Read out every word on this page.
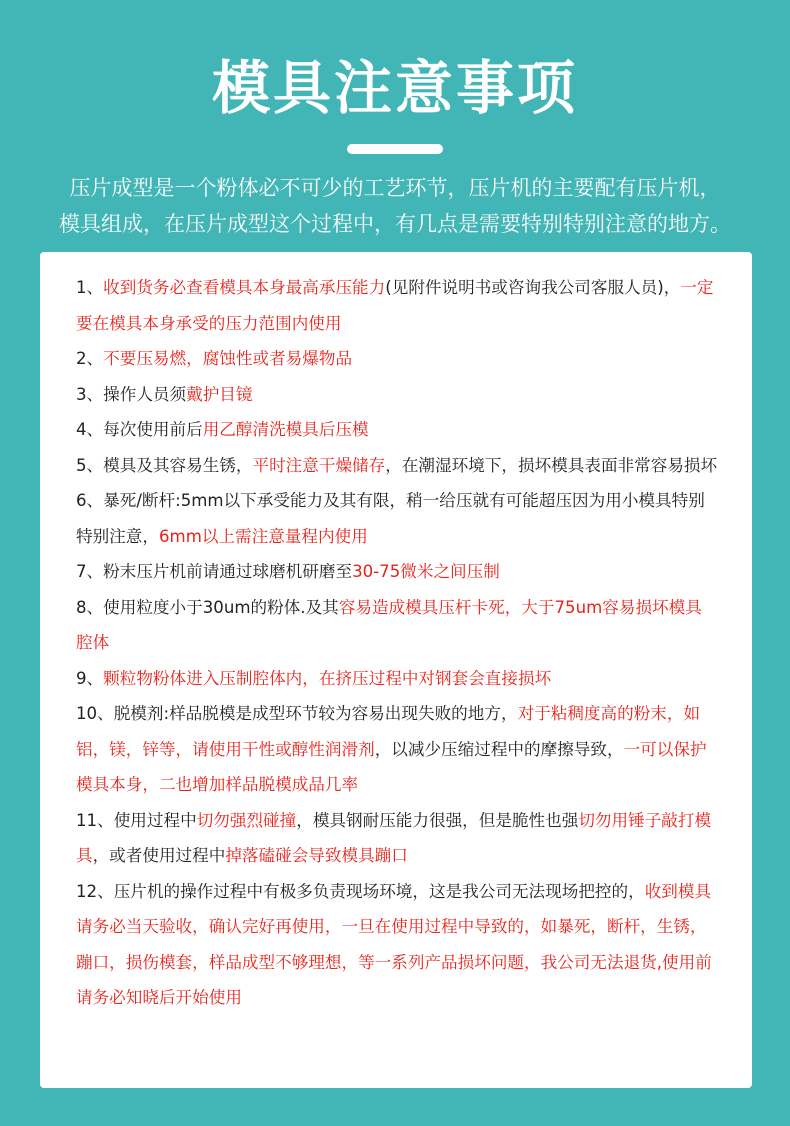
模具注意事项
压片成型是一个粉体必不可少的工艺环节，压片机的主要配有压片机，
模具组成，在压片成型这个过程中，有几点是需要特别特别注意的地方。
1、收到货务必查看模具本身最高承压能力(见附件说明书或咨询我公司客服人员)，一定要在模具本身承受的压力范围内使用
2、不要压易燃，腐蚀性或者易爆物品
3、操作人员须戴护目镜
4、每次使用前后用乙醇清洗模具后压模
5、模具及其容易生锈，平时注意干燥储存，在潮湿环境下，损坏模具表面非常容易损坏
6、暴死/断杆:5mm以下承受能力及其有限，稍一给压就有可能超压因为用小模具特别特别注意，6mm以上需注意量程内使用
7、粉末压片机前请通过球磨机研磨至30-75微米之间压制
8、使用粒度小于30um的粉体.及其容易造成模具压杆卡死，大于75um容易损坏模具腔体
9、颗粒物粉体进入压制腔体内，在挤压过程中对钢套会直接损坏
10、脱模剂:样品脱模是成型环节较为容易出现失败的地方，对于粘稠度高的粉末，如铝，镁，锌等，请使用干性或醇性润滑剂，以减少压缩过程中的摩擦导致，一可以保护模具本身，二也增加样品脱模成品几率
11、使用过程中切勿强烈碰撞，模具钢耐压能力很强，但是脆性也强切勿用锤子敲打模具，或者使用过程中掉落磕碰会导致模具蹦口
12、压片机的操作过程中有极多负责现场环境，这是我公司无法现场把控的，收到模具请务必当天验收，确认完好再使用，一旦在使用过程中导致的，如暴死，断杆，生锈，蹦口，损伤模套，样品成型不够理想，等一系列产品损坏问题，我公司无法退货,使用前请务必知晓后开始使用
